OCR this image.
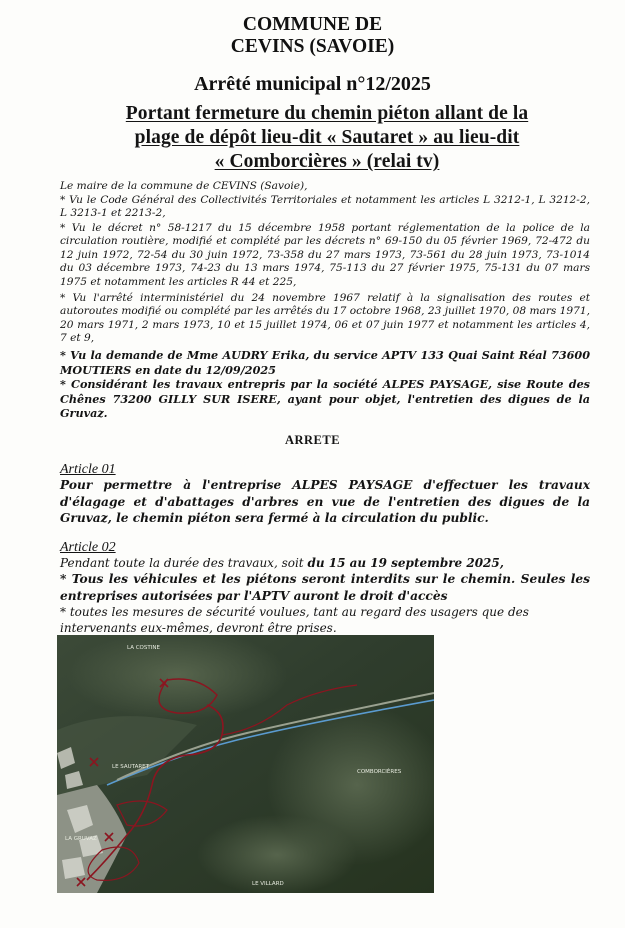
COMMUNE DE
CEVINS (SAVOIE)
Arrêté municipal n°12/2025
Portant fermeture du chemin piéton allant de la
plage de dépôt lieu-dit « Sautaret » au lieu-dit
« Comborcières » (relai tv)
Le maire de la commune de CEVINS (Savoie),
* Vu le Code Général des Collectivités Territoriales et notamment les articles L 3212-1, L 3212-2, L 3213-1 et 2213-2,
* Vu le décret n° 58-1217 du 15 décembre 1958 portant réglementation de la police de la circulation routière, modifié et complété par les décrets n° 69-150 du 05 février 1969, 72-472 du 12 juin 1972, 72-54 du 30 juin 1972, 73-358 du 27 mars 1973, 73-561 du 28 juin 1973, 73-1014 du 03 décembre 1973, 74-23 du 13 mars 1974, 75-113 du 27 février 1975, 75-131 du 07 mars 1975 et notamment les articles R 44 et 225,
* Vu l'arrêté interministériel du 24 novembre 1967 relatif à la signalisation des routes et autoroutes modifié ou complété par les arrêtés du 17 octobre 1968, 23 juillet 1970, 08 mars 1971, 20 mars 1971, 2 mars 1973, 10 et 15 juillet 1974, 06 et 07 juin 1977 et notamment les articles 4, 7 et 9,
* Vu la demande de Mme AUDRY Erika, du service APTV 133 Quai Saint Réal 73600 MOUTIERS en date du 12/09/2025
* Considérant les travaux entrepris par la société ALPES PAYSAGE, sise Route des Chênes 73200 GILLY SUR ISERE, ayant pour objet, l'entretien des digues de la Gruvaz.
ARRETE
Article 01
Pour permettre à l'entreprise ALPES PAYSAGE d'effectuer les travaux d'élagage et d'abattages d'arbres en vue de l'entretien des digues de la Gruvaz, le chemin piéton sera fermé à la circulation du public.
Article 02
Pendant toute la durée des travaux, soit du 15 au 19 septembre 2025,
* Tous les véhicules et les piétons seront interdits sur le chemin. Seules les entreprises autorisées par l'APTV auront le droit d'accès
* toutes les mesures de sécurité voulues, tant au regard des usagers que des intervenants eux-mêmes, devront être prises.
LA COSTINE
LE SAUTARET
COMBORCIÈRES
LE VILLARD
LA GRUVAZ
